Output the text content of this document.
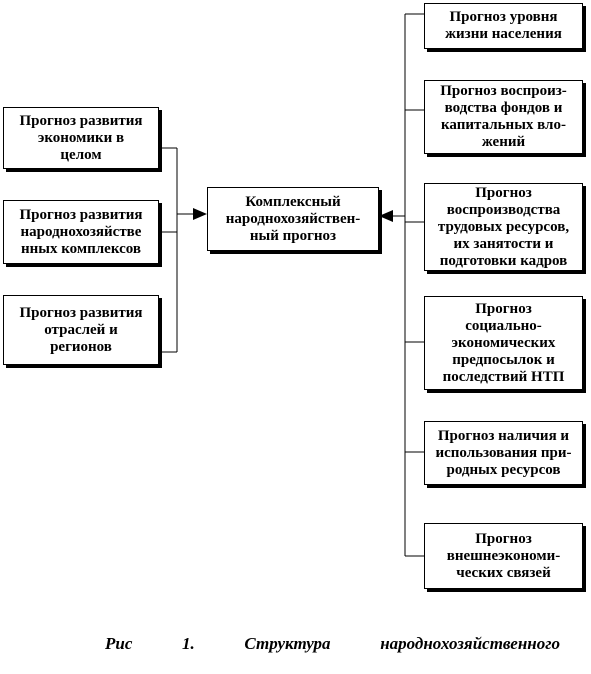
Прогноз развития
экономики в
целом
Прогноз развития
народнохозяйстве
нных комплексов
Прогноз развития
отраслей и
регионов
Комплексный
народнохозяйствен-
ный прогноз
Прогноз уровня
жизни населения
Прогноз воспроиз-
водства фондов и
капитальных вло-
жений
Прогноз
воспроизводства
трудовых ресурсов,
их занятости и
подготовки кадров
Прогноз
социально-
экономических
предпосылок и
последствий НТП
Прогноз наличия и
использования при-
родных ресурсов
Прогноз
внешнеэкономи-
ческих связей
Рис	1.	Структура	народнохозяйственного
